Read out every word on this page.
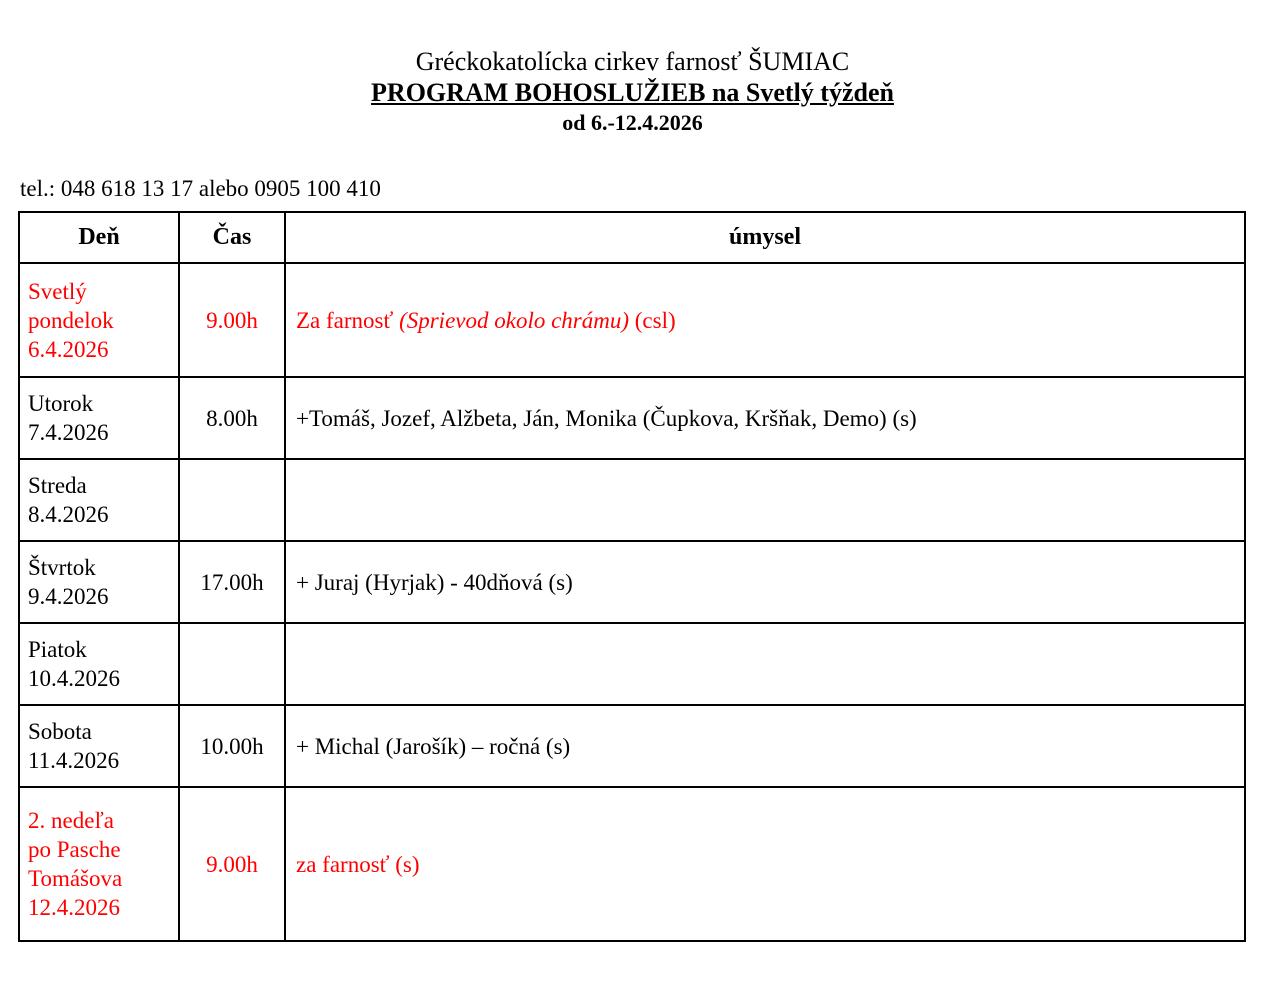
Gréckokatolícka cirkev farnosť ŠUMIAC
PROGRAM BOHOSLUŽIEB na Svetlý týždeň
od 6.-12.4.2026
tel.: 048 618 13 17 alebo 0905 100 410
Deň	Čas	úmysel

Svetlý
pondelok
6.4.2026	9.00h	Za farnosť (Sprievod okolo chrámu) (csl)

Utorok
7.4.2026	8.00h	+Tomáš, Jozef, Alžbeta, Ján, Monika (Čupkova, Kršňak, Demo) (s)

Streda
8.4.2026		

Štvrtok
9.4.2026	17.00h	+ Juraj (Hyrjak) - 40dňová (s)

Piatok
10.4.2026		

Sobota
11.4.2026	10.00h	+ Michal (Jarošík) – ročná (s)

2. nedeľa
po Pasche
Tomášova
12.4.2026	9.00h	za farnosť (s)
